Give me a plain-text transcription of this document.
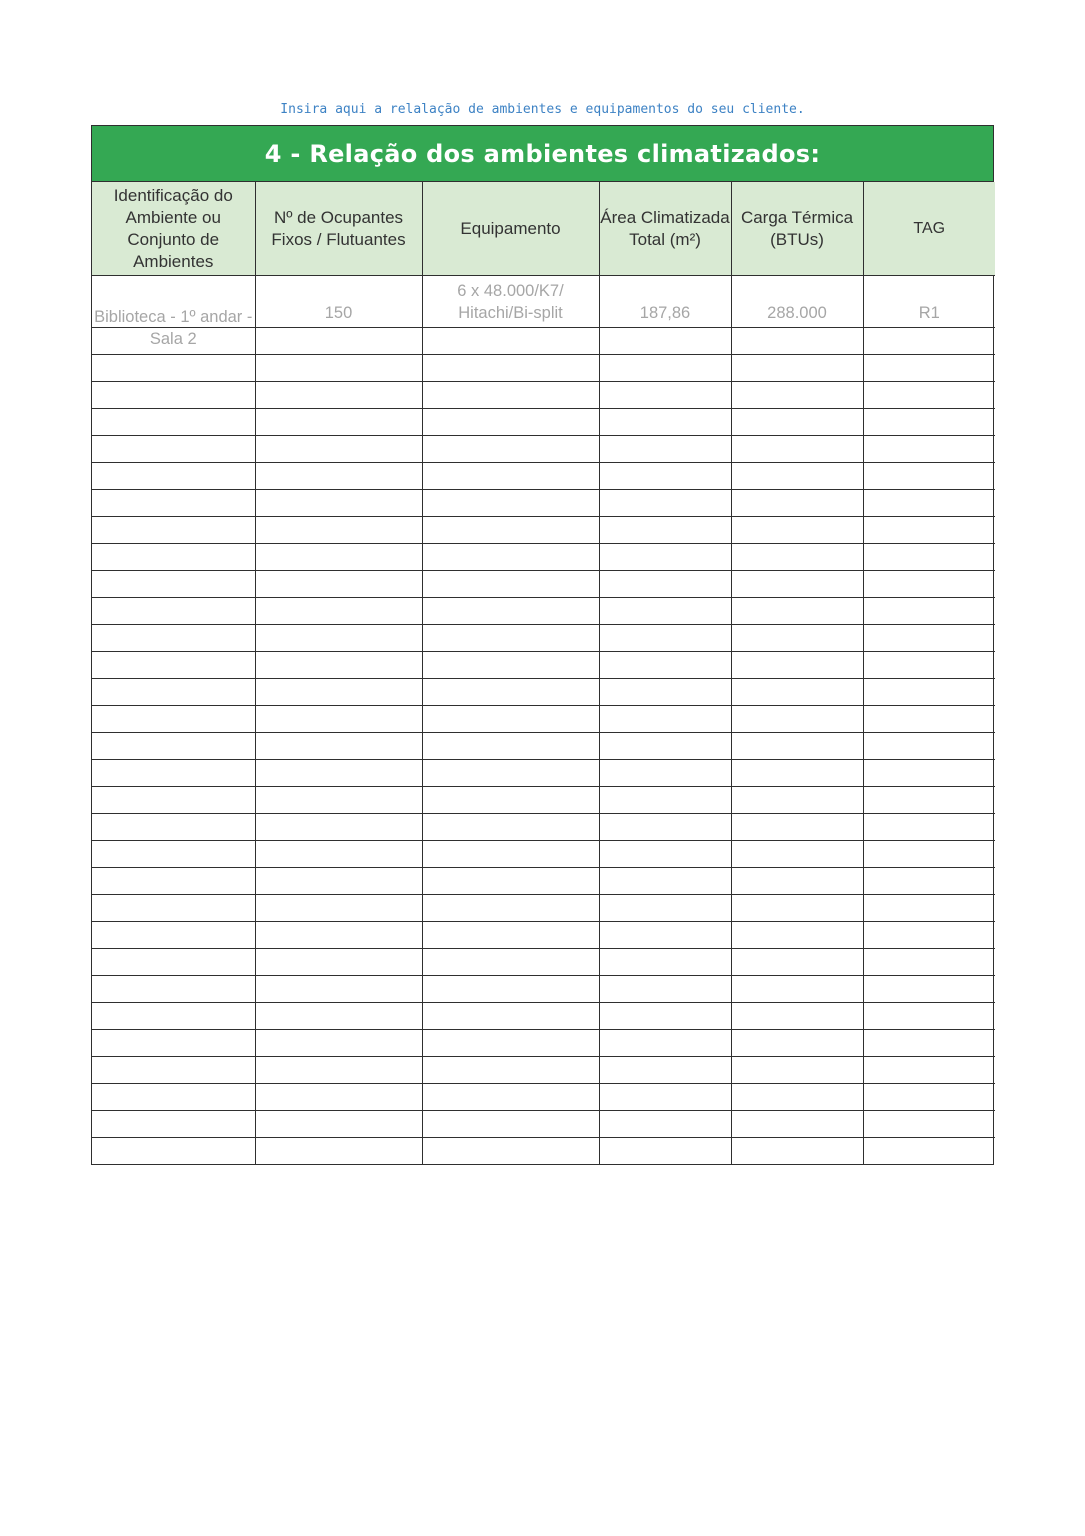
Insira aqui a relalação de ambientes e equipamentos do seu cliente.
4 - Relação dos ambientes climatizados:
Identificação do Ambiente ou Conjunto de Ambientes	Nº de Ocupantes Fixos / Flutuantes	Equipamento	Área Climatizada Total (m²)	Carga Térmica (BTUs)	TAG

Biblioteca - 1º andar - Sala 2	150	6 x 48.000/K7/ Hitachi/Bi-split	187,86	288.000	R1
